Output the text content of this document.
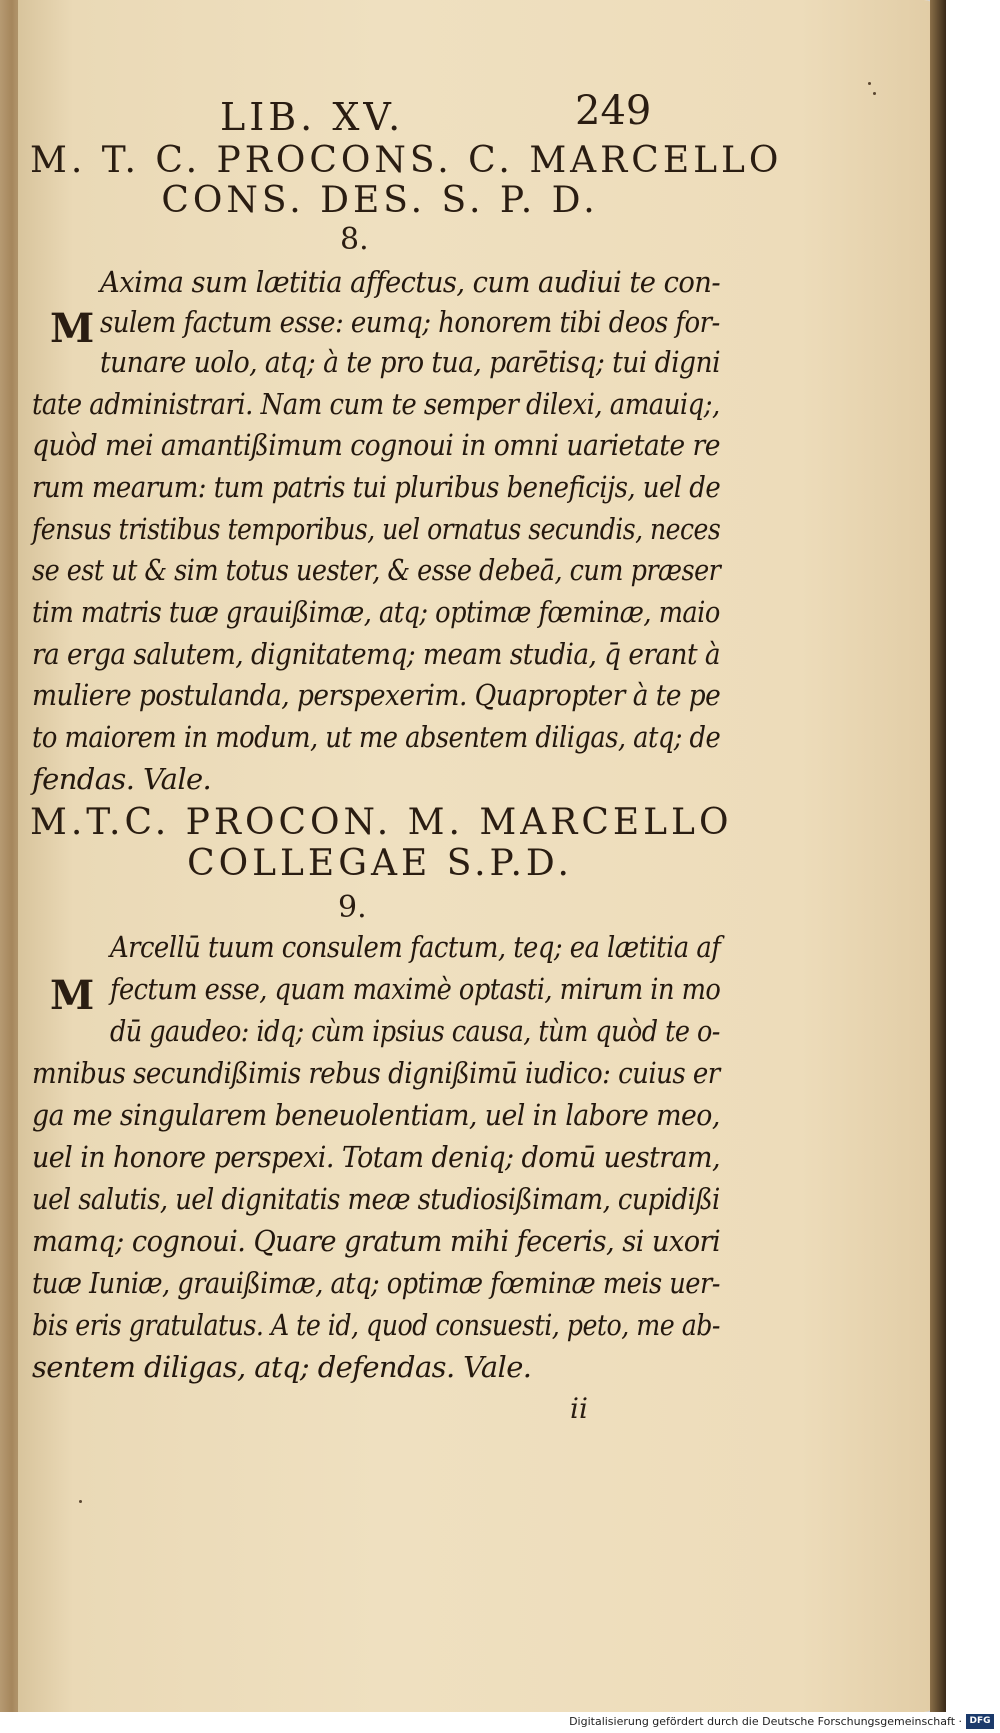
LIB. XV.	249
M. T. C. PROCONS. C. MARCELLO
CONS. DES. S. P. D.
8.
M
Axima sum lætitia affectus, cum audiui te con-
sulem factum esse: eumq; honorem tibi deos for-
tunare uolo, atq; à te pro tua, parētisq; tui digni
tate administrari. Nam cum te semper dilexi, amauiq;,
quòd mei amantißimum cognoui in omni uarietate re
rum mearum: tum patris tui pluribus beneficijs, uel de
fensus tristibus temporibus, uel ornatus secundis, neces
se est ut & sim totus uester, & esse debeā, cum præser
tim matris tuæ grauißimæ, atq; optimæ fœminæ, maio
ra erga salutem, dignitatemq; meam studia, q̄ erant à
muliere postulanda, perspexerim. Quapropter à te pe
to maiorem in modum, ut me absentem diligas, atq; de
fendas. Vale.
M.T.C. PROCON. M. MARCELLO
COLLEGAE S.P.D.
9.
M
Arcellū tuum consulem factum, teq; ea lætitia af
fectum esse, quam maximè optasti, mirum in mo
dū gaudeo: idq; cùm ipsius causa, tùm quòd te o-
mnibus secundißimis rebus dignißimū iudico: cuius er
ga me singularem beneuolentiam, uel in labore meo,
uel in honore perspexi. Totam deniq; domū uestram,
uel salutis, uel dignitatis meæ studiosißimam, cupidißi
mamq; cognoui. Quare gratum mihi feceris, si uxori
tuæ Iuniæ, grauißimæ, atq; optimæ fœminæ meis uer-
bis eris gratulatus. A te id, quod consuesti, peto, me ab-
sentem diligas, atq; defendas. Vale.
ii
Digitalisierung gefördert durch die Deutsche Forschungsgemeinschaft · DFG
